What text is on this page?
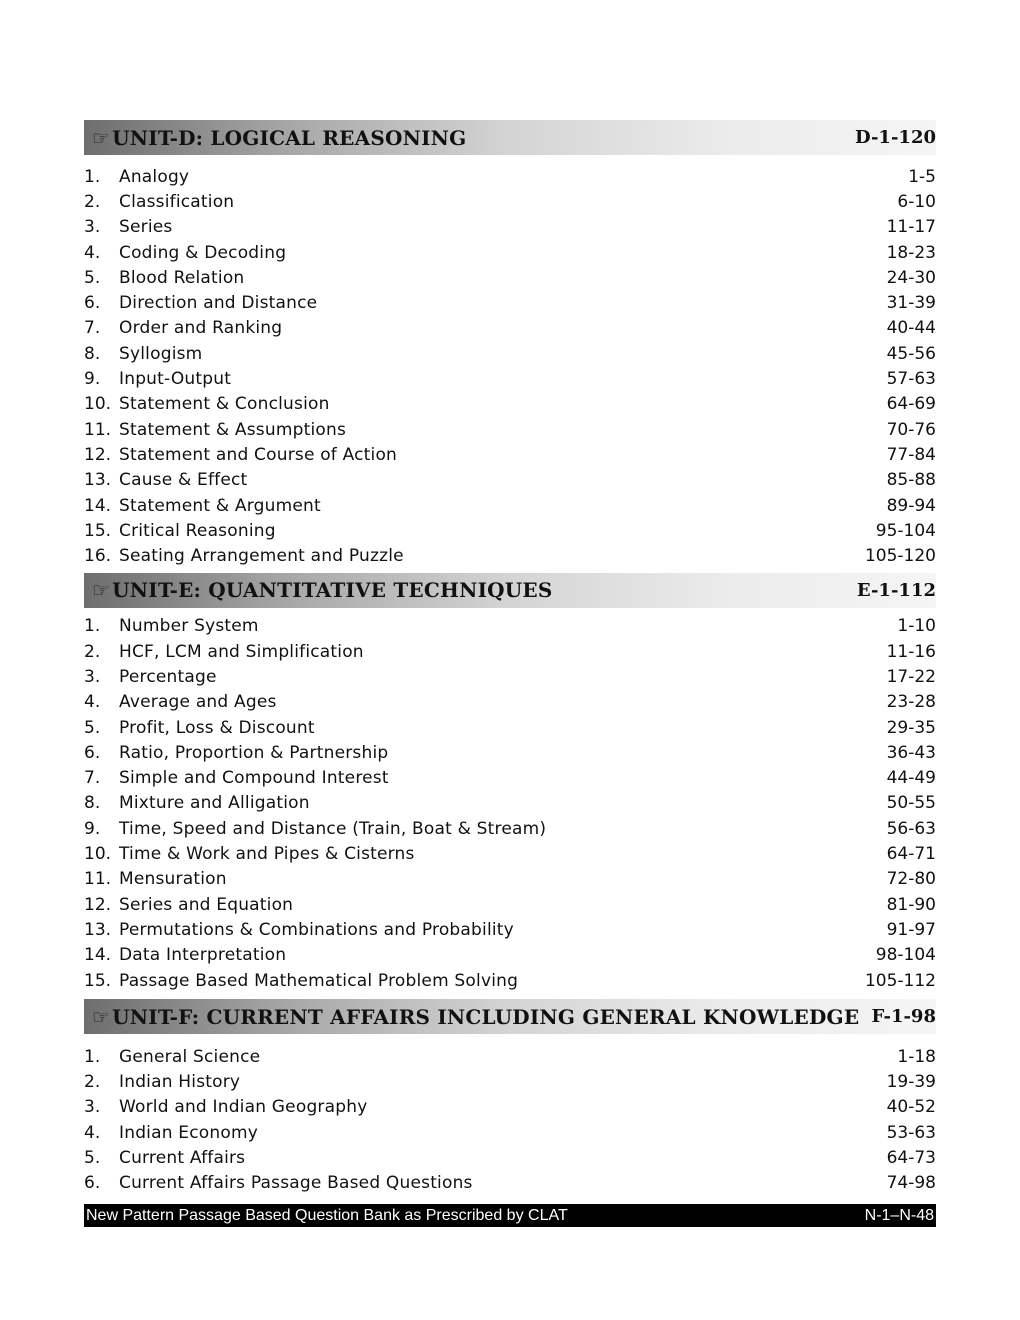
☞ UNIT-D: LOGICAL REASONING	D-1-120
1.	Analogy	1-5
2.	Classification	6-10
3.	Series	11-17
4.	Coding & Decoding	18-23
5.	Blood Relation	24-30
6.	Direction and Distance	31-39
7.	Order and Ranking	40-44
8.	Syllogism	45-56
9.	Input-Output	57-63
10. Statement & Conclusion	64-69
11. Statement & Assumptions	70-76
12. Statement and Course of Action	77-84
13. Cause & Effect	85-88
14. Statement & Argument	89-94
15. Critical Reasoning	95-104
16. Seating Arrangement and Puzzle	105-120
☞ UNIT-E: QUANTITATIVE TECHNIQUES	E-1-112
1.	Number System	1-10
2.	HCF, LCM and Simplification	11-16
3.	Percentage	17-22
4.	Average and Ages	23-28
5.	Profit, Loss & Discount	29-35
6.	Ratio, Proportion & Partnership	36-43
7.	Simple and Compound Interest	44-49
8.	Mixture and Alligation	50-55
9.	Time, Speed and Distance (Train, Boat & Stream)	56-63
10. Time & Work and Pipes & Cisterns	64-71
11. Mensuration	72-80
12. Series and Equation	81-90
13. Permutations & Combinations and Probability	91-97
14. Data Interpretation	98-104
15. Passage Based Mathematical Problem Solving	105-112
☞ UNIT-F: CURRENT AFFAIRS INCLUDING GENERAL KNOWLEDGE F-1-98
1.	General Science	1-18
2.	Indian History	19-39
3.	World and Indian Geography	40-52
4.	Indian Economy	53-63
5.	Current Affairs	64-73
6.	Current Affairs Passage Based Questions	74-98
New Pattern Passage Based Question Bank as Prescribed by CLAT	N-1–N-48
